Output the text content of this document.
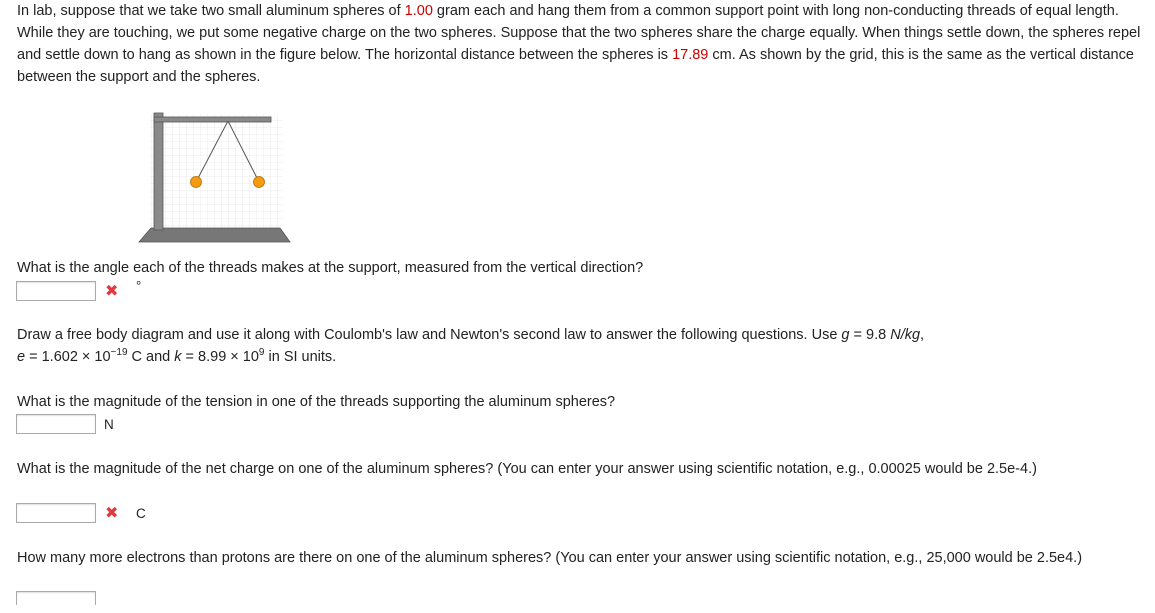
In lab, suppose that we take two small aluminum spheres of 1.00 gram each and hang them from a common support point with long non-conducting threads of equal length. While they are touching, we put some negative charge on the two spheres. Suppose that the two spheres share the charge equally. When things settle down, the spheres repel and settle down to hang as shown in the figure below. The horizontal distance between the spheres is 17.89 cm. As shown by the grid, this is the same as the vertical distance between the support and the spheres.

What is the angle each of the threads makes at the support, measured from the vertical direction?

✖ °

Draw a free body diagram and use it along with Coulomb's law and Newton's second law to answer the following questions. Use g = 9.8 N/kg,
$e = 1.602 \times 10^{-19}$ C and $k = 8.99 \times 10^9$ in SI units.

What is the magnitude of the tension in one of the threads supporting the aluminum spheres?

N

What is the magnitude of the net charge on one of the aluminum spheres? (You can enter your answer using scientific notation, e.g., 0.00025 would be 2.5e-4.)

✖ C

How many more electrons than protons are there on one of the aluminum spheres? (You can enter your answer using scientific notation, e.g., 25,000 would be 2.5e4.)
